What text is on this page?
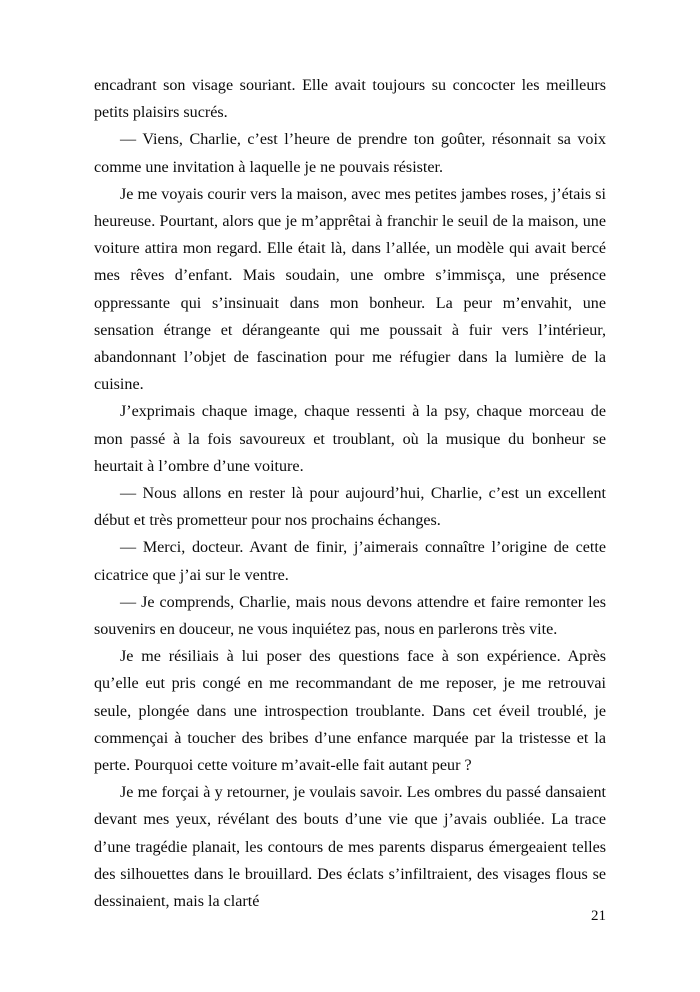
encadrant son visage souriant. Elle avait toujours su concocter les meilleurs petits plaisirs sucrés.

— Viens, Charlie, c’est l’heure de prendre ton goûter, résonnait sa voix comme une invitation à laquelle je ne pouvais résister.

Je me voyais courir vers la maison, avec mes petites jambes roses, j’étais si heureuse. Pourtant, alors que je m’apprêtai à franchir le seuil de la maison, une voiture attira mon regard. Elle était là, dans l’allée, un modèle qui avait bercé mes rêves d’enfant. Mais soudain, une ombre s’immisça, une présence oppressante qui s’insinuait dans mon bonheur. La peur m’envahit, une sensation étrange et dérangeante qui me poussait à fuir vers l’intérieur, abandonnant l’objet de fascination pour me réfugier dans la lumière de la cuisine.

J’exprimais chaque image, chaque ressenti à la psy, chaque morceau de mon passé à la fois savoureux et troublant, où la musique du bonheur se heurtait à l’ombre d’une voiture.

— Nous allons en rester là pour aujourd’hui, Charlie, c’est un excellent début et très prometteur pour nos prochains échanges.

— Merci, docteur. Avant de finir, j’aimerais connaître l’origine de cette cicatrice que j’ai sur le ventre.

— Je comprends, Charlie, mais nous devons attendre et faire remonter les souvenirs en douceur, ne vous inquiétez pas, nous en parlerons très vite.

Je me résiliais à lui poser des questions face à son expérience. Après qu’elle eut pris congé en me recommandant de me reposer, je me retrouvai seule, plongée dans une introspection troublante. Dans cet éveil troublé, je commençai à toucher des bribes d’une enfance marquée par la tristesse et la perte. Pourquoi cette voiture m’avait-elle fait autant peur ?

Je me forçai à y retourner, je voulais savoir. Les ombres du passé dansaient devant mes yeux, révélant des bouts d’une vie que j’avais oubliée. La trace d’une tragédie planait, les contours de mes parents disparus émergeaient telles des silhouettes dans le brouillard. Des éclats s’infiltraient, des visages flous se dessinaient, mais la clarté

21
